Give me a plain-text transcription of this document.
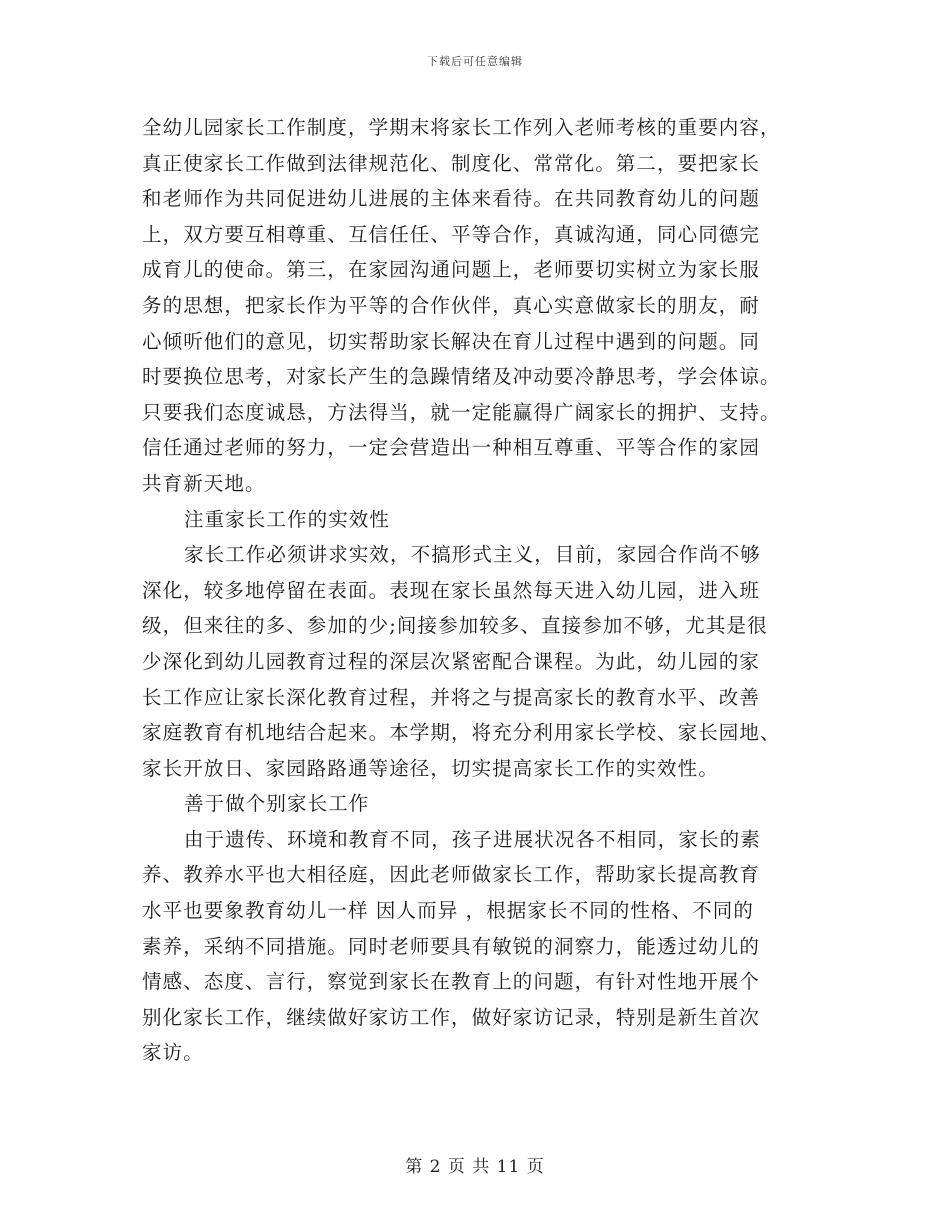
下载后可任意编辑
全幼儿园家长工作制度，学期末将家长工作列入老师考核的重要内容，
真正使家长工作做到法律规范化、制度化、常常化。第二，要把家长
和老师作为共同促进幼儿进展的主体来看待。在共同教育幼儿的问题
上，双方要互相尊重、互信任任、平等合作，真诚沟通，同心同德完
成育儿的使命。第三，在家园沟通问题上，老师要切实树立为家长服
务的思想，把家长作为平等的合作伙伴，真心实意做家长的朋友，耐
心倾听他们的意见，切实帮助家长解决在育儿过程中遇到的问题。同
时要换位思考，对家长产生的急躁情绪及冲动要冷静思考，学会体谅。
只要我们态度诚恳，方法得当，就一定能赢得广阔家长的拥护、支持。
信任通过老师的努力，一定会营造出一种相互尊重、平等合作的家园
共育新天地。
注重家长工作的实效性
家长工作必须讲求实效，不搞形式主义，目前，家园合作尚不够
深化，较多地停留在表面。表现在家长虽然每天进入幼儿园，进入班
级，但来往的多、参加的少;间接参加较多、直接参加不够，尤其是很
少深化到幼儿园教育过程的深层次紧密配合课程。为此，幼儿园的家
长工作应让家长深化教育过程，并将之与提高家长的教育水平、改善
家庭教育有机地结合起来。本学期，将充分利用家长学校、家长园地、
家长开放日、家园路路通等途径，切实提高家长工作的实效性。
善于做个别家长工作
由于遗传、环境和教育不同，孩子进展状况各不相同，家长的素
养、教养水平也大相径庭，因此老师做家长工作，帮助家长提高教育
水平也要象教育幼儿一样 因人而异 ，根据家长不同的性格、不同的
素养，采纳不同措施。同时老师要具有敏锐的洞察力，能透过幼儿的
情感、态度、言行，察觉到家长在教育上的问题，有针对性地开展个
别化家长工作，继续做好家访工作，做好家访记录，特别是新生首次
家访。
第 2 页 共 11 页
